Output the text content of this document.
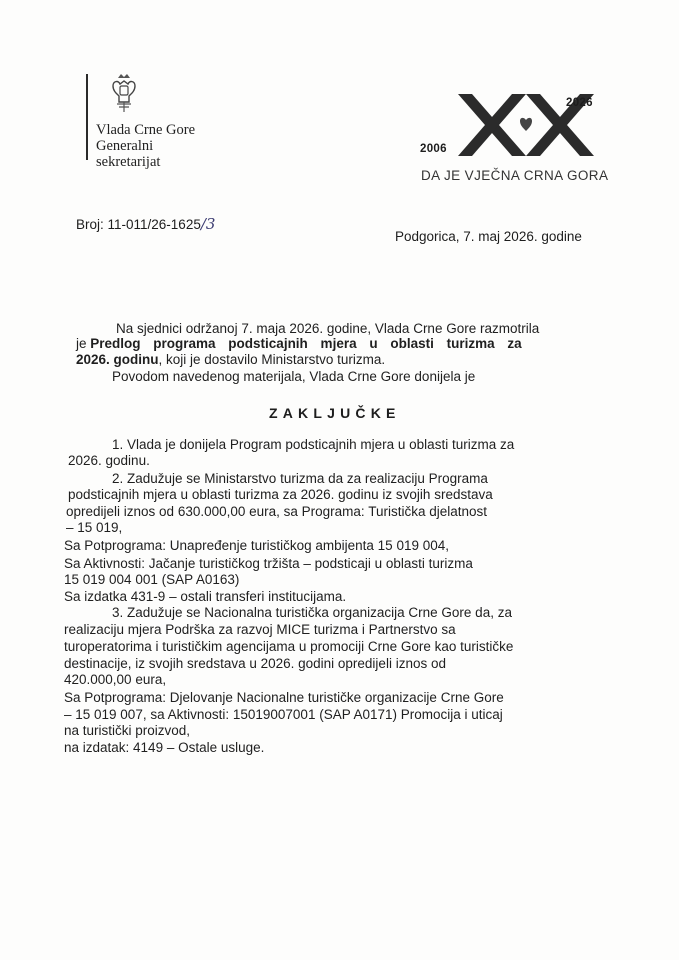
Vlada Crne Gore
Generalni
sekretarijat
2026
2006
DA JE VJEČNA CRNA GORA
Broj: 11-011/26-1625/3
Podgorica, 7. maj 2026. godine
Na sjednici održanoj 7. maja 2026. godine, Vlada Crne Gore razmotrila
je Predlog programa podsticajnih mjera u oblasti turizma za
2026. godinu, koji je dostavilo Ministarstvo turizma.
Povodom navedenog materijala, Vlada Crne Gore donijela je
ZAKLJUČKE
1. Vlada je donijela Program podsticajnih mjera u oblasti turizma za
2026. godinu.
2. Zadužuje se Ministarstvo turizma da za realizaciju Programa
podsticajnih mjera u oblasti turizma za 2026. godinu iz svojih sredstava
opredijeli iznos od 630.000,00 eura, sa Programa: Turistička djelatnost
– 15 019,
Sa Potprograma: Unapređenje turističkog ambijenta 15 019 004,
Sa Aktivnosti: Jačanje turističkog tržišta – podsticaji u oblasti turizma
15 019 004 001 (SAP A0163)
Sa izdatka 431-9 – ostali transferi institucijama.
3. Zadužuje se Nacionalna turistička organizacija Crne Gore da, za
realizaciju mjera Podrška za razvoj MICE turizma i Partnerstvo sa
turoperatorima i turističkim agencijama u promociji Crne Gore kao turističke
destinacije, iz svojih sredstava u 2026. godini opredijeli iznos od
420.000,00 eura,
Sa Potprograma: Djelovanje Nacionalne turističke organizacije Crne Gore
– 15 019 007, sa Aktivnosti: 15019007001 (SAP A0171) Promocija i uticaj
na turistički proizvod,
na izdatak: 4149 – Ostale usluge.
